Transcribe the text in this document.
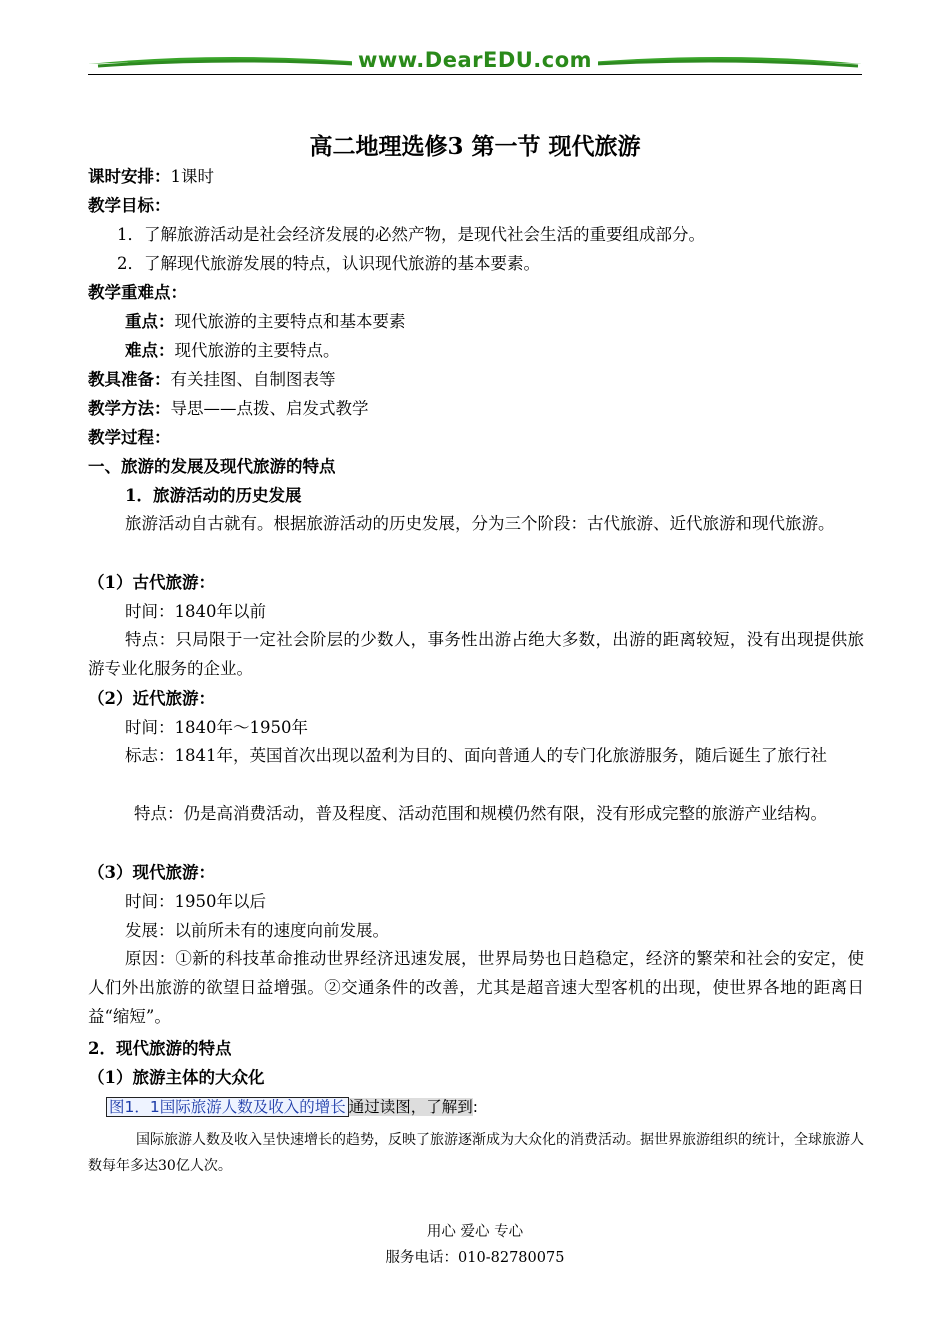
www.DearEDU.com
高二地理选修3 第一节 现代旅游
课时安排：1课时
教学目标：
1．了解旅游活动是社会经济发展的必然产物，是现代社会生活的重要组成部分。
2．了解现代旅游发展的特点，认识现代旅游的基本要素。
教学重难点：
重点：现代旅游的主要特点和基本要素
难点：现代旅游的主要特点。
教具准备：有关挂图、自制图表等
教学方法：导思——点拨、启发式教学
教学过程：
一、旅游的发展及现代旅游的特点
1．旅游活动的历史发展
旅游活动自古就有。根据旅游活动的历史发展，分为三个阶段：古代旅游、近代旅游和现代旅游。
（1）古代旅游：
时间：1840年以前
特点：只局限于一定社会阶层的少数人，事务性出游占绝大多数，出游的距离较短，没有出现提供旅游专业化服务的企业。
（2）近代旅游：
时间：1840年～1950年
标志：1841年，英国首次出现以盈利为目的、面向普通人的专门化旅游服务，随后诞生了旅行社
特点：仍是高消费活动，普及程度、活动范围和规模仍然有限，没有形成完整的旅游产业结构。
（3）现代旅游：
时间：1950年以后
发展：以前所未有的速度向前发展。
原因：①新的科技革命推动世界经济迅速发展，世界局势也日趋稳定，经济的繁荣和社会的安定，使人们外出旅游的欲望日益增强。②交通条件的改善，尤其是超音速大型客机的出现，使世界各地的距离日益“缩短”。
2．现代旅游的特点
（1）旅游主体的大众化
图1．1国际旅游人数及收入的增长 通过读图，了解到:
国际旅游人数及收入呈快速增长的趋势，反映了旅游逐渐成为大众化的消费活动。据世界旅游组织的统计，全球旅游人数每年多达30亿人次。
用心 爱心 专心
服务电话：010-82780075
